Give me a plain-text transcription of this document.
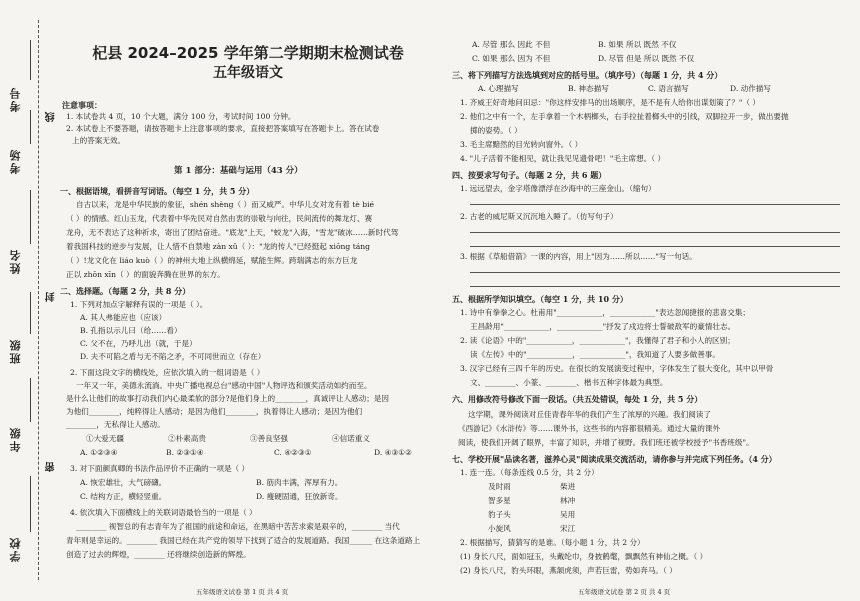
考号
考场
姓名
班级
年级
学校
线
封
密
杞县 2024–2025 学年第二学期期末检测试卷
五年级语文
注意事项：
1. 本试卷共 4 页，10 个大题，满分 100 分，考试时间 100 分钟。
2. 本试卷上不要答题，请按答题卡上注意事项的要求，直接把答案填写在答题卡上。答在试卷
上的答案无效。
第 1 部分：基础与运用（43 分）
一、根据语境，看拼音写词语。（每空 1 分，共 5 分）
自古以来，龙是中华民族的象征，shén shèng（ ）而又威严。中华儿女对龙有着 tè bié
（ ）的情感。红山玉龙，代表着中华先民对自然由衷的崇敬与向往，民间流传的舞龙灯、赛
龙舟，无不表达了这种祈求，寄出了团结奋进。"底龙"上天，"蛟龙"入海，"雪龙"破冰……新时代驾
着我国科技的逆步与发展，让人惜不自禁地 zàn xǔ（ ）："龙的传人"已经挺起 xiōng táng
（ ）!龙文化在 liáo kuò（ ）的神州大地上纵横绵延，赋能生辉。跨瑞满志的东方巨龙
正以 zhōn xīn（ ）的面貌奔腾在世界的东方。
二、选择题。（每题 2 分，共 8 分）
1. 下列对加点字解释有误的一项是（ ）。
A. 其人弗能应也（应该）
B. 孔指以示儿曰（给……看）
C. 父不在，乃呼儿出（就，于是）
D. 夫不可陷之盾与无不陷之矛，不可同世而立（存在）
2. 下面这段文字的横线处，应依次填入的一组词语是（ ）
一年又一年，美德永流淌。中央广播电视总台"感动中国"人物评选和颁奖活动如约而至。
是什么让他们的故事打动我们内心最柔软的部分?是他们身上的________，真诚评让人感动；是因
为他们________，纯粹得让人感动；是因为他们________，执着得让人感动；是因为他们
________，无私得让人感动。
①大爱无疆	②朴素高贵	③善良坚强	④信诺重义
A. ①②③④	B. ②③①④	C. ④②③①	D. ④③①②
3. 对下面颜真卿的书法作品评价不正确的一项是（ ）
A. 恢宏雄壮，大气磅礴。	B. 筋肉丰满，浑厚有力。
C. 结构方正，横轻竖重。	D. 瘦硬固通，狂放新奇。
4. 依次填入下面横线上的关联词语最恰当的一项是（ ）
________ 视智总的有志青年为了祖国的前途和命运，在黑暗中苦苦求索是艰辛的，________ 当代
青年则是幸运的。________ 我国已经在共产党的领导下找到了适合的发展道路。我国______ 在这条道路上
创造了过去的辉煌，________ 还将继续创造新的辉煌。
五年级语文试卷 第 1 页 共 4 页
A. 尽管 那么 因此 不但	B. 如果 所以 既然 不仅
C. 如果 那么 因为 不但	D. 尽管 但是 所以 既然 不仅
三、将下列描写方法选填到对应的括号里。（填序号）（每题 1 分，共 4 分）
A. 心理描写	B. 神态描写	C. 语言描写	D. 动作描写
1. 齐威王好奇地问田忌："你这样安排马的出场顺序，是不是有人给你出谋划策了？"（ ）
2. 他们之中有一个，左手拿着一个木柄榔头，右手拉扯着榔头中的引线，双脚拉开一步，做出要抛
掷的姿势。（ ）
3. 毛主席黯然的目光转向窗外。（ ）
4. "儿子活着不能相见，就让我见见遗骨吧！"毛主席想。（ ）
四、按要求写句子。（每题 2 分，共 6 题）
1. 远远望去，金字塔像漂浮在沙海中的三座金山。（缩句）
2. 古老的威尼斯又沉沉地入睡了。（仿写句子）
3. 根据《草船借箭》一课的内容，用上"因为……所以……"写一句话。
五、根据所学知识填空。（每空 1 分，共 10 分）
1. 诗中有拳拳之心。杜甫用"____________，____________"表达忽闻捷报的悲喜交集；
王昌龄用"____________，____________"抒发了戍边将士誓破敌军的豪情壮志。
2. 读《论语》中的"____________，____________"，我懂得了君子和小人的区别；
读《左传》中的"____________，____________"，我知道了人要多做善事。
3. 汉字已经有三四千年的历史。在很长的发展演变过程中，字体发生了很大变化，其中以甲骨
文、________、小篆、________、楷书五种字体最为典型。
六、用修改符号修改下面一段话。（共五处错误，每处 1 分，共 5 分）
这学期，课外阅读对丘佳青春年华的我们产生了浓厚的兴趣。我们阅读了
《西游记》《水浒传》等……课外书，这些书的内容都很精美。通过大量的课外
阅读，使我们开阔了眼界，丰富了知识，并增了视野。我们班还被学校授予"书香班级"。
七、学校开展"品读名著，滋养心灵"阅读成果交流活动，请你参与并完成下列任务。（4 分）
1. 连一连。（每条连线 0.5 分，共 2 分）
及时雨	柴进
智多星	林冲
豹子头	吴用
小旋风	宋江
2. 根据描写，猜猜写的是谁。（每小题 1 分，共 2 分）
(1) 身长八尺，面如冠玉，头戴纶巾，身披鹤氅，飘飘然有神仙之概。（ ）
(2) 身长八尺，豹头环眼，燕颔虎须，声若巨雷，势如奔马。（ ）
五年级语文试卷 第 2 页 共 4 页
